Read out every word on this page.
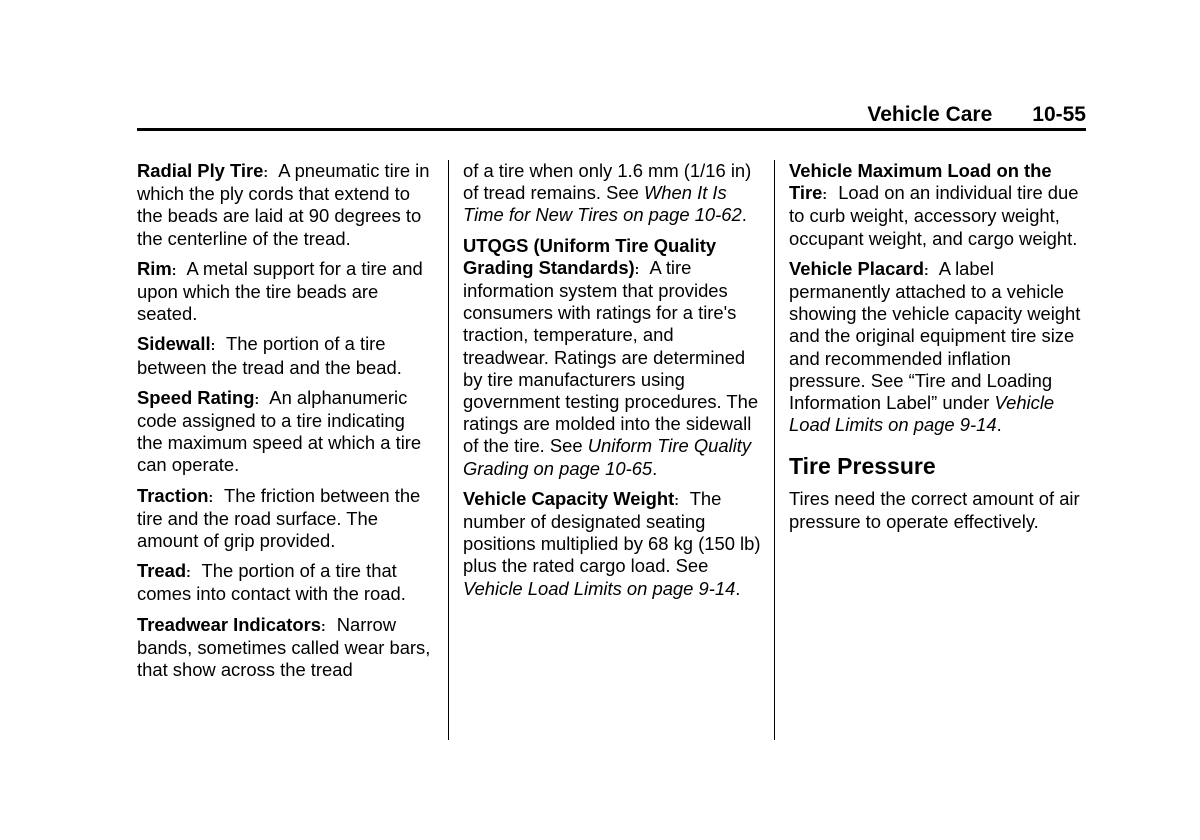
Vehicle Care 10-55

Radial Ply Tire: A pneumatic tire in which the ply cords that extend to the beads are laid at 90 degrees to the centerline of the tread.

Rim: A metal support for a tire and upon which the tire beads are seated.

Sidewall: The portion of a tire between the tread and the bead.

Speed Rating: An alphanumeric code assigned to a tire indicating the maximum speed at which a tire can operate.

Traction: The friction between the tire and the road surface. The amount of grip provided.

Tread: The portion of a tire that comes into contact with the road.

Treadwear Indicators: Narrow bands, sometimes called wear bars, that show across the tread

of a tire when only 1.6 mm (1/16 in) of tread remains. See When It Is Time for New Tires on page 10-62.

UTQGS (Uniform Tire Quality Grading Standards): A tire information system that provides consumers with ratings for a tire's traction, temperature, and treadwear. Ratings are determined by tire manufacturers using government testing procedures. The ratings are molded into the sidewall of the tire. See Uniform Tire Quality Grading on page 10-65.

Vehicle Capacity Weight: The number of designated seating positions multiplied by 68 kg (150 lb) plus the rated cargo load. See Vehicle Load Limits on page 9-14.

Vehicle Maximum Load on the Tire: Load on an individual tire due to curb weight, accessory weight, occupant weight, and cargo weight.

Vehicle Placard: A label permanently attached to a vehicle showing the vehicle capacity weight and the original equipment tire size and recommended inflation pressure. See “Tire and Loading Information Label” under Vehicle Load Limits on page 9-14.

Tire Pressure

Tires need the correct amount of air pressure to operate effectively.
